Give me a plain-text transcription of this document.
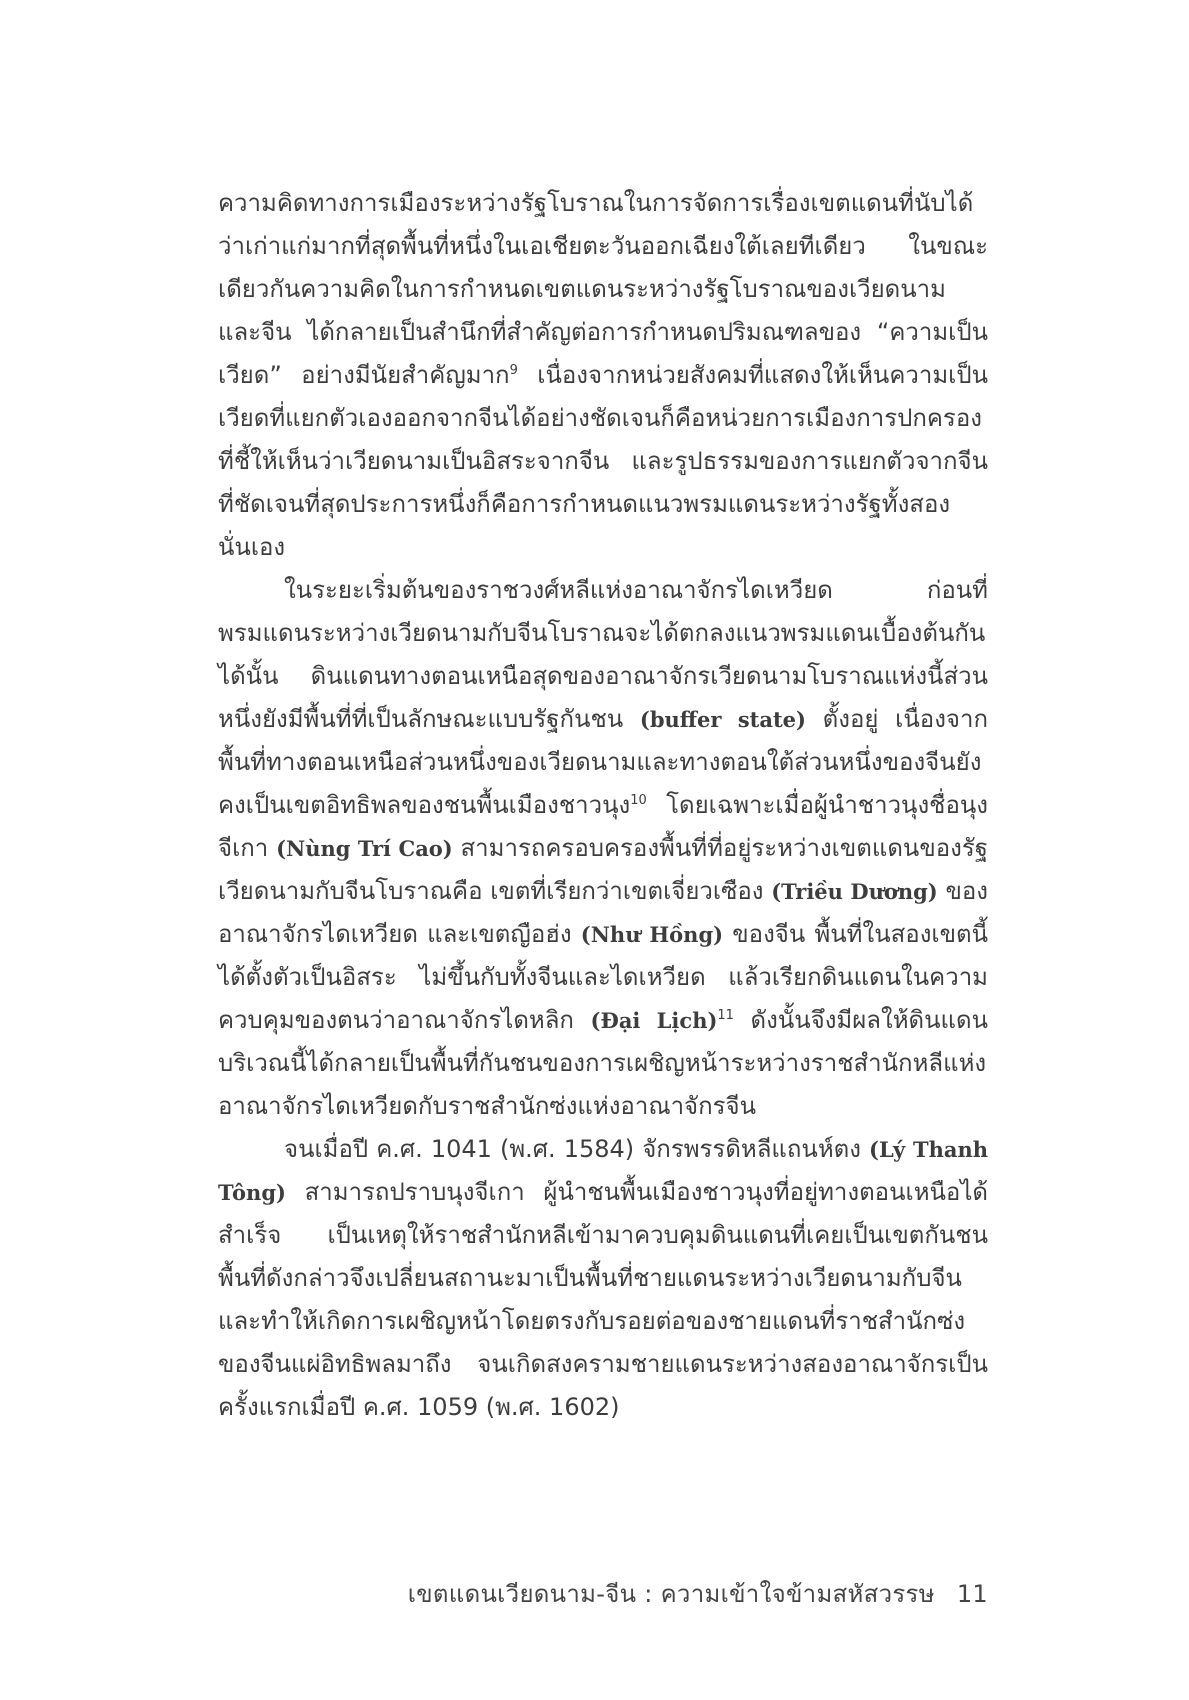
ความคิดทางการเมืองระหว่างรัฐโบราณในการจัดการเรื่องเขตแดนที่นับได้ว่าเก่าแก่มากที่สุดพื้นที่หนึ่งในเอเชียตะวันออกเฉียงใต้เลยทีเดียว ในขณะเดียวกันความคิดในการกำหนดเขตแดนระหว่างรัฐโบราณของเวียดนามและจีน ได้กลายเป็นสำนึกที่สำคัญต่อการกำหนดปริมณฑลของ “ความเป็นเวียด” อย่างมีนัยสำคัญมาก$^9$ เนื่องจากหน่วยสังคมที่แสดงให้เห็นความเป็นเวียดที่แยกตัวเองออกจากจีนได้อย่างชัดเจนก็คือหน่วยการเมืองการปกครองที่ชี้ให้เห็นว่าเวียดนามเป็นอิสระจากจีน และรูปธรรมของการแยกตัวจากจีนที่ชัดเจนที่สุดประการหนึ่งก็คือการกำหนดแนวพรมแดนระหว่างรัฐทั้งสองนั่นเอง

ในระยะเริ่มต้นของราชวงศ์หลีแห่งอาณาจักรไดเหวียด ก่อนที่พรมแดนระหว่างเวียดนามกับจีนโบราณจะได้ตกลงแนวพรมแดนเบื้องต้นกันได้นั้น ดินแดนทางตอนเหนือสุดของอาณาจักรเวียดนามโบราณแห่งนี้ส่วนหนึ่งยังมีพื้นที่ที่เป็นลักษณะแบบรัฐกันชน (buffer state) ตั้งอยู่ เนื่องจากพื้นที่ทางตอนเหนือส่วนหนึ่งของเวียดนามและทางตอนใต้ส่วนหนึ่งของจีนยังคงเป็นเขตอิทธิพลของชนพื้นเมืองชาวนุง$^{10}$ โดยเฉพาะเมื่อผู้นำชาวนุงชื่อนุงจีเกา (Nùng Trí Cao) สามารถครอบครองพื้นที่ที่อยู่ระหว่างเขตแดนของรัฐเวียดนามกับจีนโบราณคือ เขตที่เรียกว่าเขตเจี่ยวเซือง (Triều Dương) ของอาณาจักรไดเหวียด และเขตญือฮ่ง (Như Hồng) ของจีน พื้นที่ในสองเขตนี้ได้ตั้งตัวเป็นอิสระ ไม่ขึ้นกับทั้งจีนและไดเหวียด แล้วเรียกดินแดนในความควบคุมของตนว่าอาณาจักรไดหลิก (Đại Lịch)$^{11}$ ดังนั้นจึงมีผลให้ดินแดนบริเวณนี้ได้กลายเป็นพื้นที่กันชนของการเผชิญหน้าระหว่างราชสำนักหลีแห่งอาณาจักรไดเหวียดกับราชสำนักซ่งแห่งอาณาจักรจีน

จนเมื่อปี ค.ศ. 1041 (พ.ศ. 1584) จักรพรรดิหลีแถนห์ตง (Lý Thanh Tông) สามารถปราบนุงจีเกา ผู้นำชนพื้นเมืองชาวนุงที่อยู่ทางตอนเหนือได้สำเร็จ เป็นเหตุให้ราชสำนักหลีเข้ามาควบคุมดินแดนที่เคยเป็นเขตกันชน พื้นที่ดังกล่าวจึงเปลี่ยนสถานะมาเป็นพื้นที่ชายแดนระหว่างเวียดนามกับจีน และทำให้เกิดการเผชิญหน้าโดยตรงกับรอยต่อของชายแดนที่ราชสำนักซ่งของจีนแผ่อิทธิพลมาถึง จนเกิดสงครามชายแดนระหว่างสองอาณาจักรเป็นครั้งแรกเมื่อปี ค.ศ. 1059 (พ.ศ. 1602)

เขตแดนเวียดนาม-จีน : ความเข้าใจข้ามสหัสวรรษ 11
